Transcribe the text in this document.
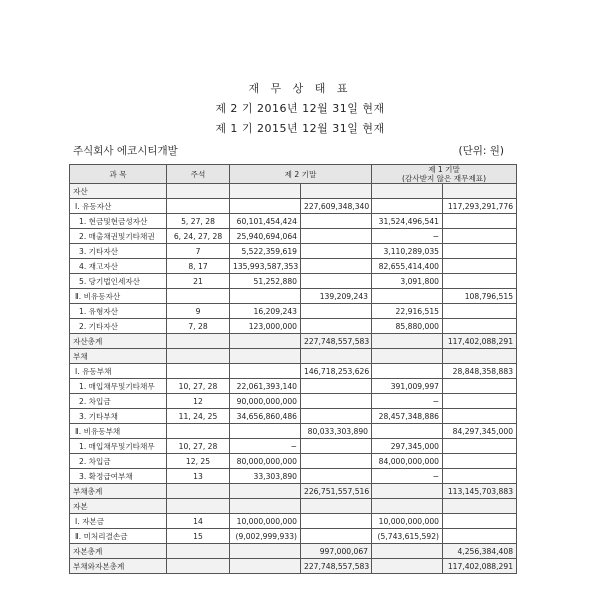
재 무 상 태 표
제 2 기 2016년 12월 31일 현재
제 1 기 2015년 12월 31일 현재
주식회사 에코시티개발	(단위: 원)
과 목	주석	제 2 기말		제 1 기말
(감사받지 않은 재무제표)	

자산					
Ⅰ. 유동자산			227,609,348,340		117,293,291,776
1. 현금및현금성자산	5, 27, 28	60,101,454,424		31,524,496,541	
2. 매출채권및기타채권	6, 24, 27, 28	25,940,694,064		−	
3. 기타자산	7	5,522,359,619		3,110,289,035	
4. 재고자산	8, 17	135,993,587,353		82,655,414,400	
5. 당기법인세자산	21	51,252,880		3,091,800	
Ⅱ. 비유동자산			139,209,243		108,796,515
1. 유형자산	9	16,209,243		22,916,515	
2. 기타자산	7, 28	123,000,000		85,880,000	
자산총계			227,748,557,583		117,402,088,291
부채					
Ⅰ. 유동부채			146,718,253,626		28,848,358,883
1. 매입채무및기타채무	10, 27, 28	22,061,393,140		391,009,997	
2. 차입금	12	90,000,000,000		−	
3. 기타부채	11, 24, 25	34,656,860,486		28,457,348,886	
Ⅱ. 비유동부채			80,033,303,890		84,297,345,000
1. 매입채무및기타채무	10, 27, 28	−		297,345,000	
2. 차입금	12, 25	80,000,000,000		84,000,000,000	
3. 확정급여부채	13	33,303,890		−	
부채총계			226,751,557,516		113,145,703,883
자본					
Ⅰ. 자본금	14	10,000,000,000		10,000,000,000	
Ⅱ. 미처리결손금	15	(9,002,999,933)		(5,743,615,592)	
자본총계			997,000,067		4,256,384,408
부채와자본총계			227,748,557,583		117,402,088,291
